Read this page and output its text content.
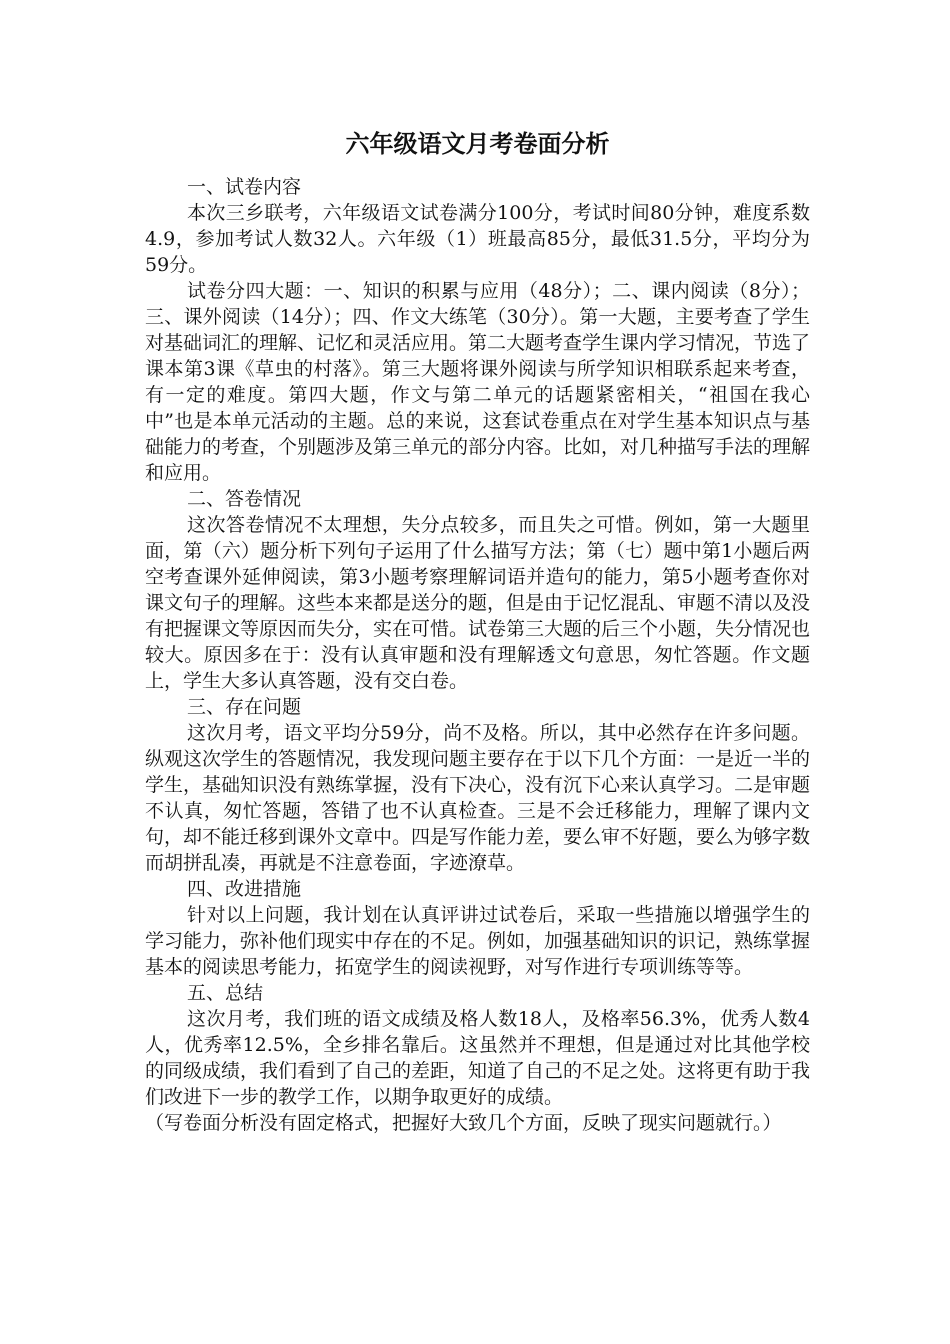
六年级语文月考卷面分析

一、试卷内容

本次三乡联考，六年级语文试卷满分100分，考试时间80分钟，难度系数4.9，参加考试人数32人。六年级（1）班最高85分，最低31.5分，平均分为59分。

试卷分四大题：一、知识的积累与应用（48分）；二、课内阅读（8分）；三、课外阅读（14分）；四、作文大练笔（30分）。第一大题，主要考查了学生对基础词汇的理解、记忆和灵活应用。第二大题考查学生课内学习情况，节选了课本第3课《草虫的村落》。第三大题将课外阅读与所学知识相联系起来考查，有一定的难度。第四大题，作文与第二单元的话题紧密相关，“祖国在我心中”也是本单元活动的主题。总的来说，这套试卷重点在对学生基本知识点与基础能力的考查，个别题涉及第三单元的部分内容。比如，对几种描写手法的理解和应用。

二、答卷情况

这次答卷情况不太理想，失分点较多，而且失之可惜。例如，第一大题里面，第（六）题分析下列句子运用了什么描写方法；第（七）题中第1小题后两空考查课外延伸阅读，第3小题考察理解词语并造句的能力，第5小题考查你对课文句子的理解。这些本来都是送分的题，但是由于记忆混乱、审题不清以及没有把握课文等原因而失分，实在可惜。试卷第三大题的后三个小题，失分情况也较大。原因多在于：没有认真审题和没有理解透文句意思，匆忙答题。作文题上，学生大多认真答题，没有交白卷。

三、存在问题

这次月考，语文平均分59分，尚不及格。所以，其中必然存在许多问题。纵观这次学生的答题情况，我发现问题主要存在于以下几个方面：一是近一半的学生，基础知识没有熟练掌握，没有下决心，没有沉下心来认真学习。二是审题不认真，匆忙答题，答错了也不认真检查。三是不会迁移能力，理解了课内文句，却不能迁移到课外文章中。四是写作能力差，要么审不好题，要么为够字数而胡拼乱凑，再就是不注意卷面，字迹潦草。

四、改进措施

针对以上问题，我计划在认真评讲过试卷后，采取一些措施以增强学生的学习能力，弥补他们现实中存在的不足。例如，加强基础知识的识记，熟练掌握基本的阅读思考能力，拓宽学生的阅读视野，对写作进行专项训练等等。

五、总结

这次月考，我们班的语文成绩及格人数18人，及格率56.3%，优秀人数4人，优秀率12.5%，全乡排名靠后。这虽然并不理想，但是通过对比其他学校的同级成绩，我们看到了自己的差距，知道了自己的不足之处。这将更有助于我们改进下一步的教学工作，以期争取更好的成绩。

（写卷面分析没有固定格式，把握好大致几个方面，反映了现实问题就行。）
